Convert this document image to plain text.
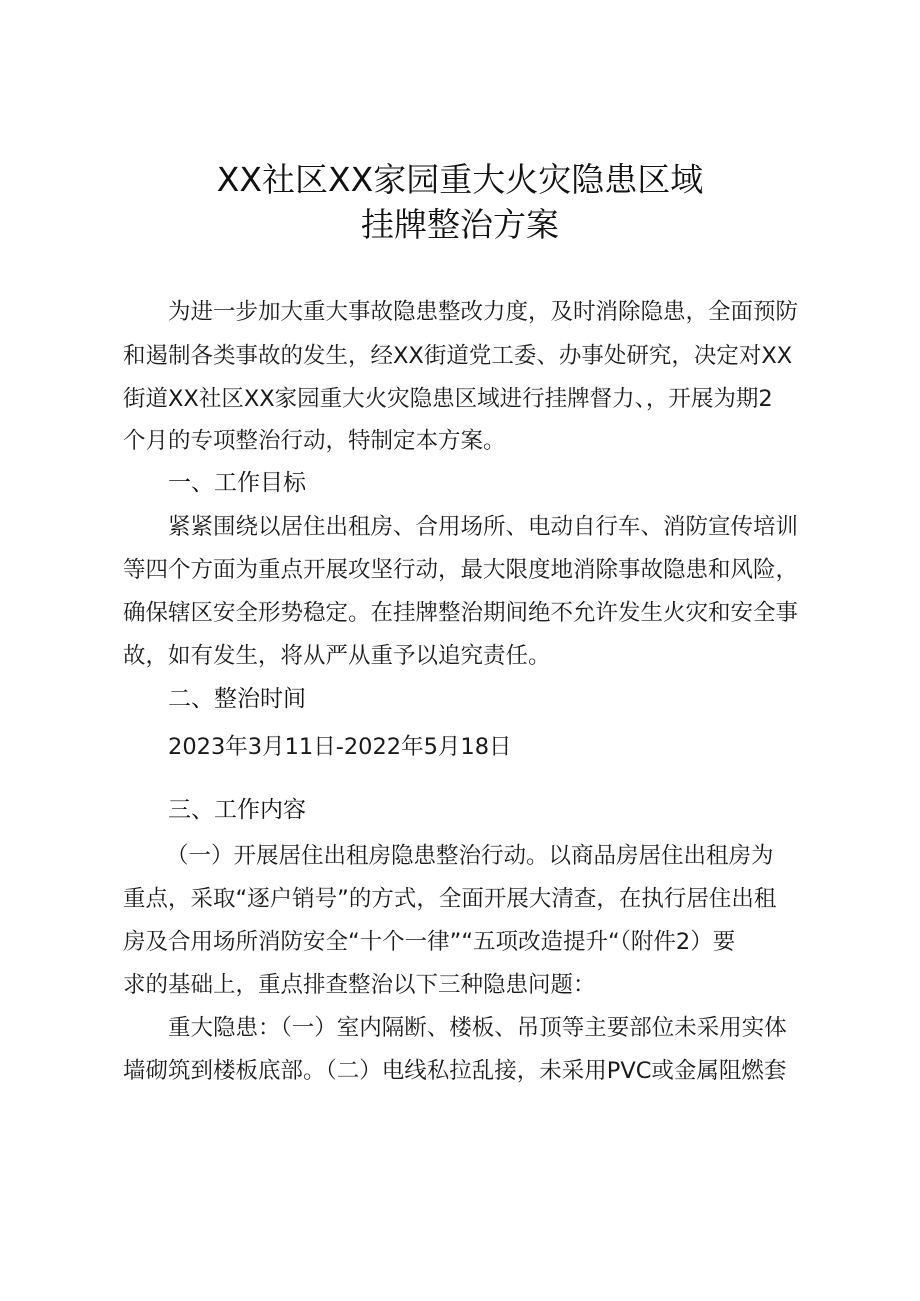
XX社区XX家园重大火灾隐患区域
挂牌整治方案
为进一步加大重大事故隐患整改力度，及时消除隐患，全面预防
和遏制各类事故的发生，经XX街道党工委、办事处研究，决定对XX
街道XX社区XX家园重大火灾隐患区域进行挂牌督力、，开展为期2
个月的专项整治行动，特制定本方案。
一、工作目标
紧紧围绕以居住出租房、合用场所、电动自行车、消防宣传培训
等四个方面为重点开展攻坚行动，最大限度地消除事故隐患和风险，
确保辖区安全形势稳定。在挂牌整治期间绝不允许发生火灾和安全事
故，如有发生，将从严从重予以追究责任。
二、整治时间
2023年3月11日-2022年5月18日
三、工作内容
（一）开展居住出租房隐患整治行动。以商品房居住出租房为
重点，采取“逐户销号”的方式，全面开展大清查，在执行居住出租
房及合用场所消防安全“十个一律”“五项改造提升“（附件2）要
求的基础上，重点排查整治以下三种隐患问题：
重大隐患：（一）室内隔断、楼板、吊顶等主要部位未采用实体
墙砌筑到楼板底部。（二）电线私拉乱接，未采用PVC或金属阻燃套
